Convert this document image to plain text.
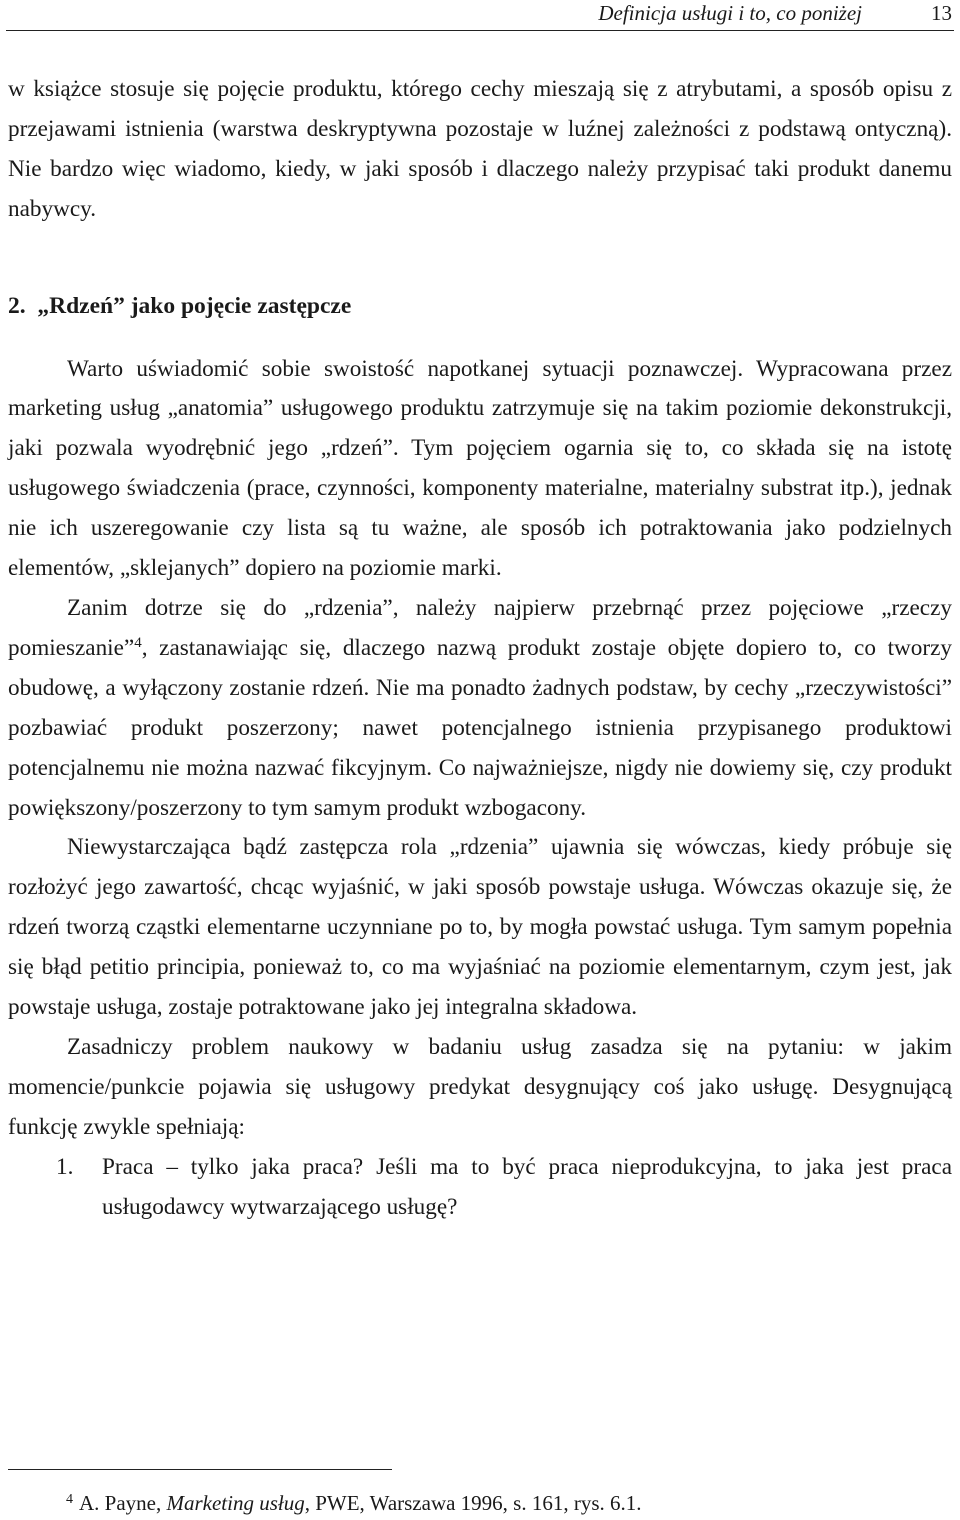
Definicja usługi i to, co poniżej	13

w książce stosuje się pojęcie produktu, którego cechy mieszają się z atrybutami, a sposób opisu z przejawami istnienia (warstwa deskryptywna pozostaje w luźnej zależności z podstawą ontyczną). Nie bardzo więc wiadomo, kiedy, w jaki sposób i dlaczego należy przypisać taki produkt danemu nabywcy.

2. „Rdzeń” jako pojęcie zastępcze

Warto uświadomić sobie swoistość napotkanej sytuacji poznawczej. Wypracowana przez marketing usług „anatomia” usługowego produktu zatrzymuje się na takim poziomie dekonstrukcji, jaki pozwala wyodrębnić jego „rdzeń”. Tym pojęciem ogarnia się to, co składa się na istotę usługowego świadczenia (prace, czynności, komponenty materialne, materialny substrat itp.), jednak nie ich uszeregowanie czy lista są tu ważne, ale sposób ich potraktowania jako podzielnych elementów, „sklejanych” dopiero na poziomie marki.

Zanim dotrze się do „rdzenia”, należy najpierw przebrnąć przez pojęciowe „rzeczy pomieszanie”$^4$, zastanawiając się, dlaczego nazwą produkt zostaje objęte dopiero to, co tworzy obudowę, a wyłączony zostanie rdzeń. Nie ma ponadto żadnych podstaw, by cechy „rzeczywistości” pozbawiać produkt poszerzony; nawet potencjalnego istnienia przypisanego produktowi potencjalnemu nie można nazwać fikcyjnym. Co najważniejsze, nigdy nie dowiemy się, czy produkt powiększony/poszerzony to tym samym produkt wzbogacony.

Niewystarczająca bądź zastępcza rola „rdzenia” ujawnia się wówczas, kiedy próbuje się rozłożyć jego zawartość, chcąc wyjaśnić, w jaki sposób powstaje usługa. Wówczas okazuje się, że rdzeń tworzą cząstki elementarne uczynniane po to, by mogła powstać usługa. Tym samym popełnia się błąd petitio principia, ponieważ to, co ma wyjaśniać na poziomie elementarnym, czym jest, jak powstaje usługa, zostaje potraktowane jako jej integralna składowa.

Zasadniczy problem naukowy w badaniu usług zasadza się na pytaniu: w jakim momencie/punkcie pojawia się usługowy predykat desygnujący coś jako usługę. Desygnującą funkcję zwykle spełniają:

1. Praca – tylko jaka praca? Jeśli ma to być praca nieprodukcyjna, to jaka jest praca usługodawcy wytwarzającego usługę?
$^4$ A. Payne, Marketing usług, PWE, Warszawa 1996, s. 161, rys. 6.1.
